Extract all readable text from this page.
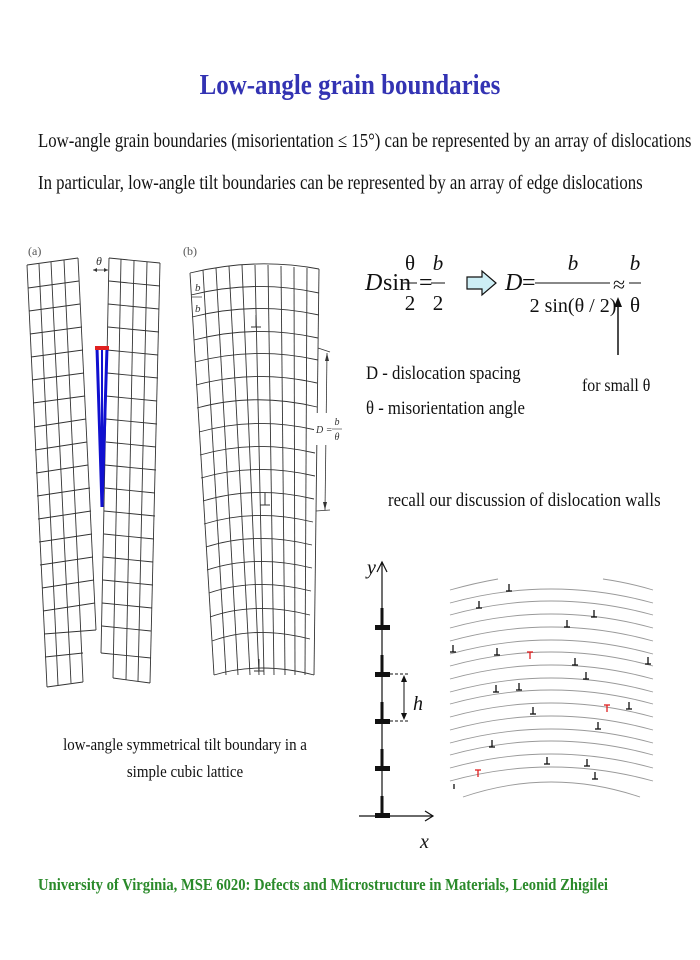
Low-angle grain boundaries
Low-angle grain boundaries (misorientation ≤ 15°) can be represented by an array of dislocations
In particular, low-angle tilt boundaries can be represented by an array of edge dislocations
(a)
θ
(b)
b
b
D =
b
θ
low-angle symmetrical tilt boundary in a
simple cubic lattice
D sin
θ
2
=
b
2
D =
b
2 sin(θ / 2)
≈
b
θ
for small θ
D - dislocation spacing
θ - misorientation angle
recall our discussion of dislocation walls
y
x
h
University of Virginia, MSE 6020: Defects and Microstructure in Materials, Leonid Zhigilei
